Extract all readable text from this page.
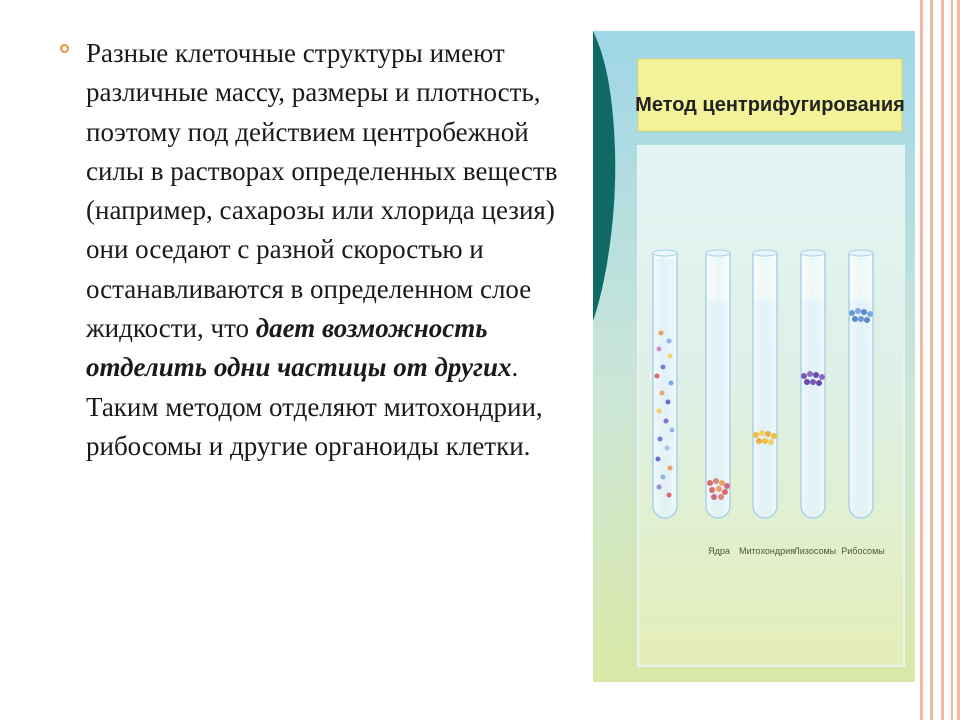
Разные клеточные структуры имеют различные массу, размеры и плотность, поэтому под действием центробежной силы в растворах определенных веществ (например, сахарозы или хлорида цезия) они оседают с разной скоростью и останавливаются в определенном слое жидкости, что дает возможность отделить одни частицы от других. Таким методом отделяют митохондрии, рибосомы и другие органоиды клетки.
Метод центрифугирования
Ядра Митохондрия
Лизосомы Рибосомы
